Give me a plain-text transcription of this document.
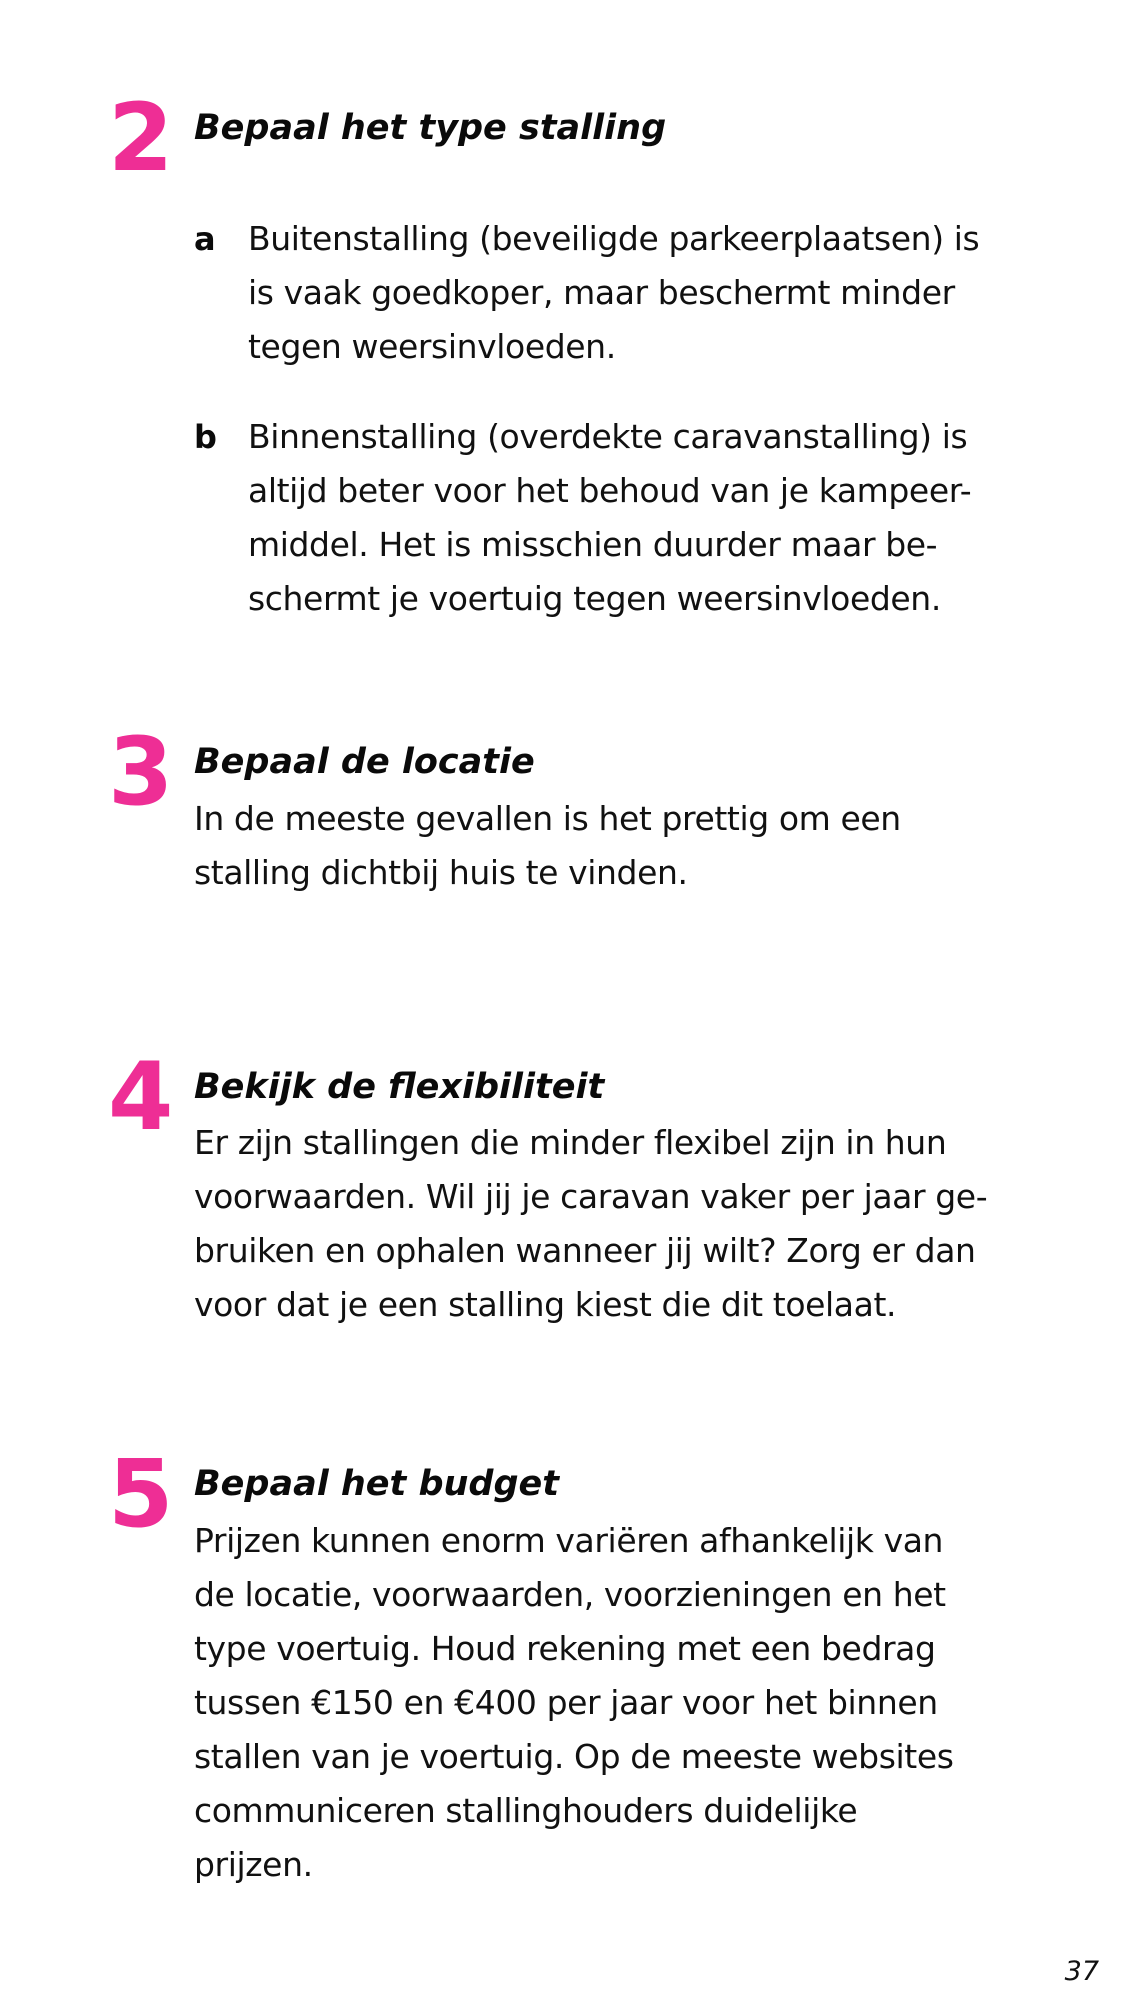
2 Bepaal het type stalling
a Buitenstalling (beveiligde parkeerplaatsen) is
is vaak goedkoper, maar beschermt minder
tegen weersinvloeden.
b Binnenstalling (overdekte caravanstalling) is
altijd beter voor het behoud van je kampeer-
middel. Het is misschien duurder maar be-
schermt je voertuig tegen weersinvloeden.
3 Bepaal de locatie
In de meeste gevallen is het prettig om een
stalling dichtbij huis te vinden.
4 Bekijk de flexibiliteit
Er zijn stallingen die minder flexibel zijn in hun
voorwaarden. Wil jij je caravan vaker per jaar ge-
bruiken en ophalen wanneer jij wilt? Zorg er dan
voor dat je een stalling kiest die dit toelaat.
5 Bepaal het budget
Prijzen kunnen enorm variëren afhankelijk van
de locatie, voorwaarden, voorzieningen en het
type voertuig. Houd rekening met een bedrag
tussen €150 en €400 per jaar voor het binnen
stallen van je voertuig. Op de meeste websites
communiceren stallinghouders duidelijke
prijzen.
37
